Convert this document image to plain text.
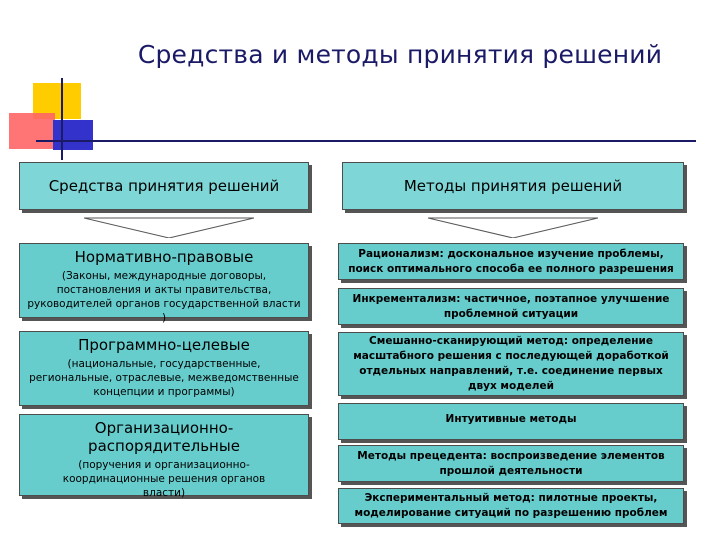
Средства и методы принятия решений
Средства принятия решений	Методы принятия решений
Нормативно-правовые
(Законы, международные договоры, постановления и акты правительства, руководителей органов государственной власти )
Программно-целевые
(национальные, государственные, региональные, отраслевые, межведомственные концепции и программы)
Организационно-распорядительные
(поручения и организационно-координационные решения органов власти)
Рационализм: доскональное изучение проблемы, поиск оптимального способа ее полного разрешения
Инкрементализм: частичное, поэтапное улучшение проблемной ситуации
Смешанно-сканирующий метод: определение масштабного решения с последующей доработкой отдельных направлений, т.е. соединение первых двух моделей
Интуитивные методы
Методы прецедента: воспроизведение элементов прошлой деятельности
Экспериментальный метод: пилотные проекты, моделирование ситуаций по разрешению проблем
